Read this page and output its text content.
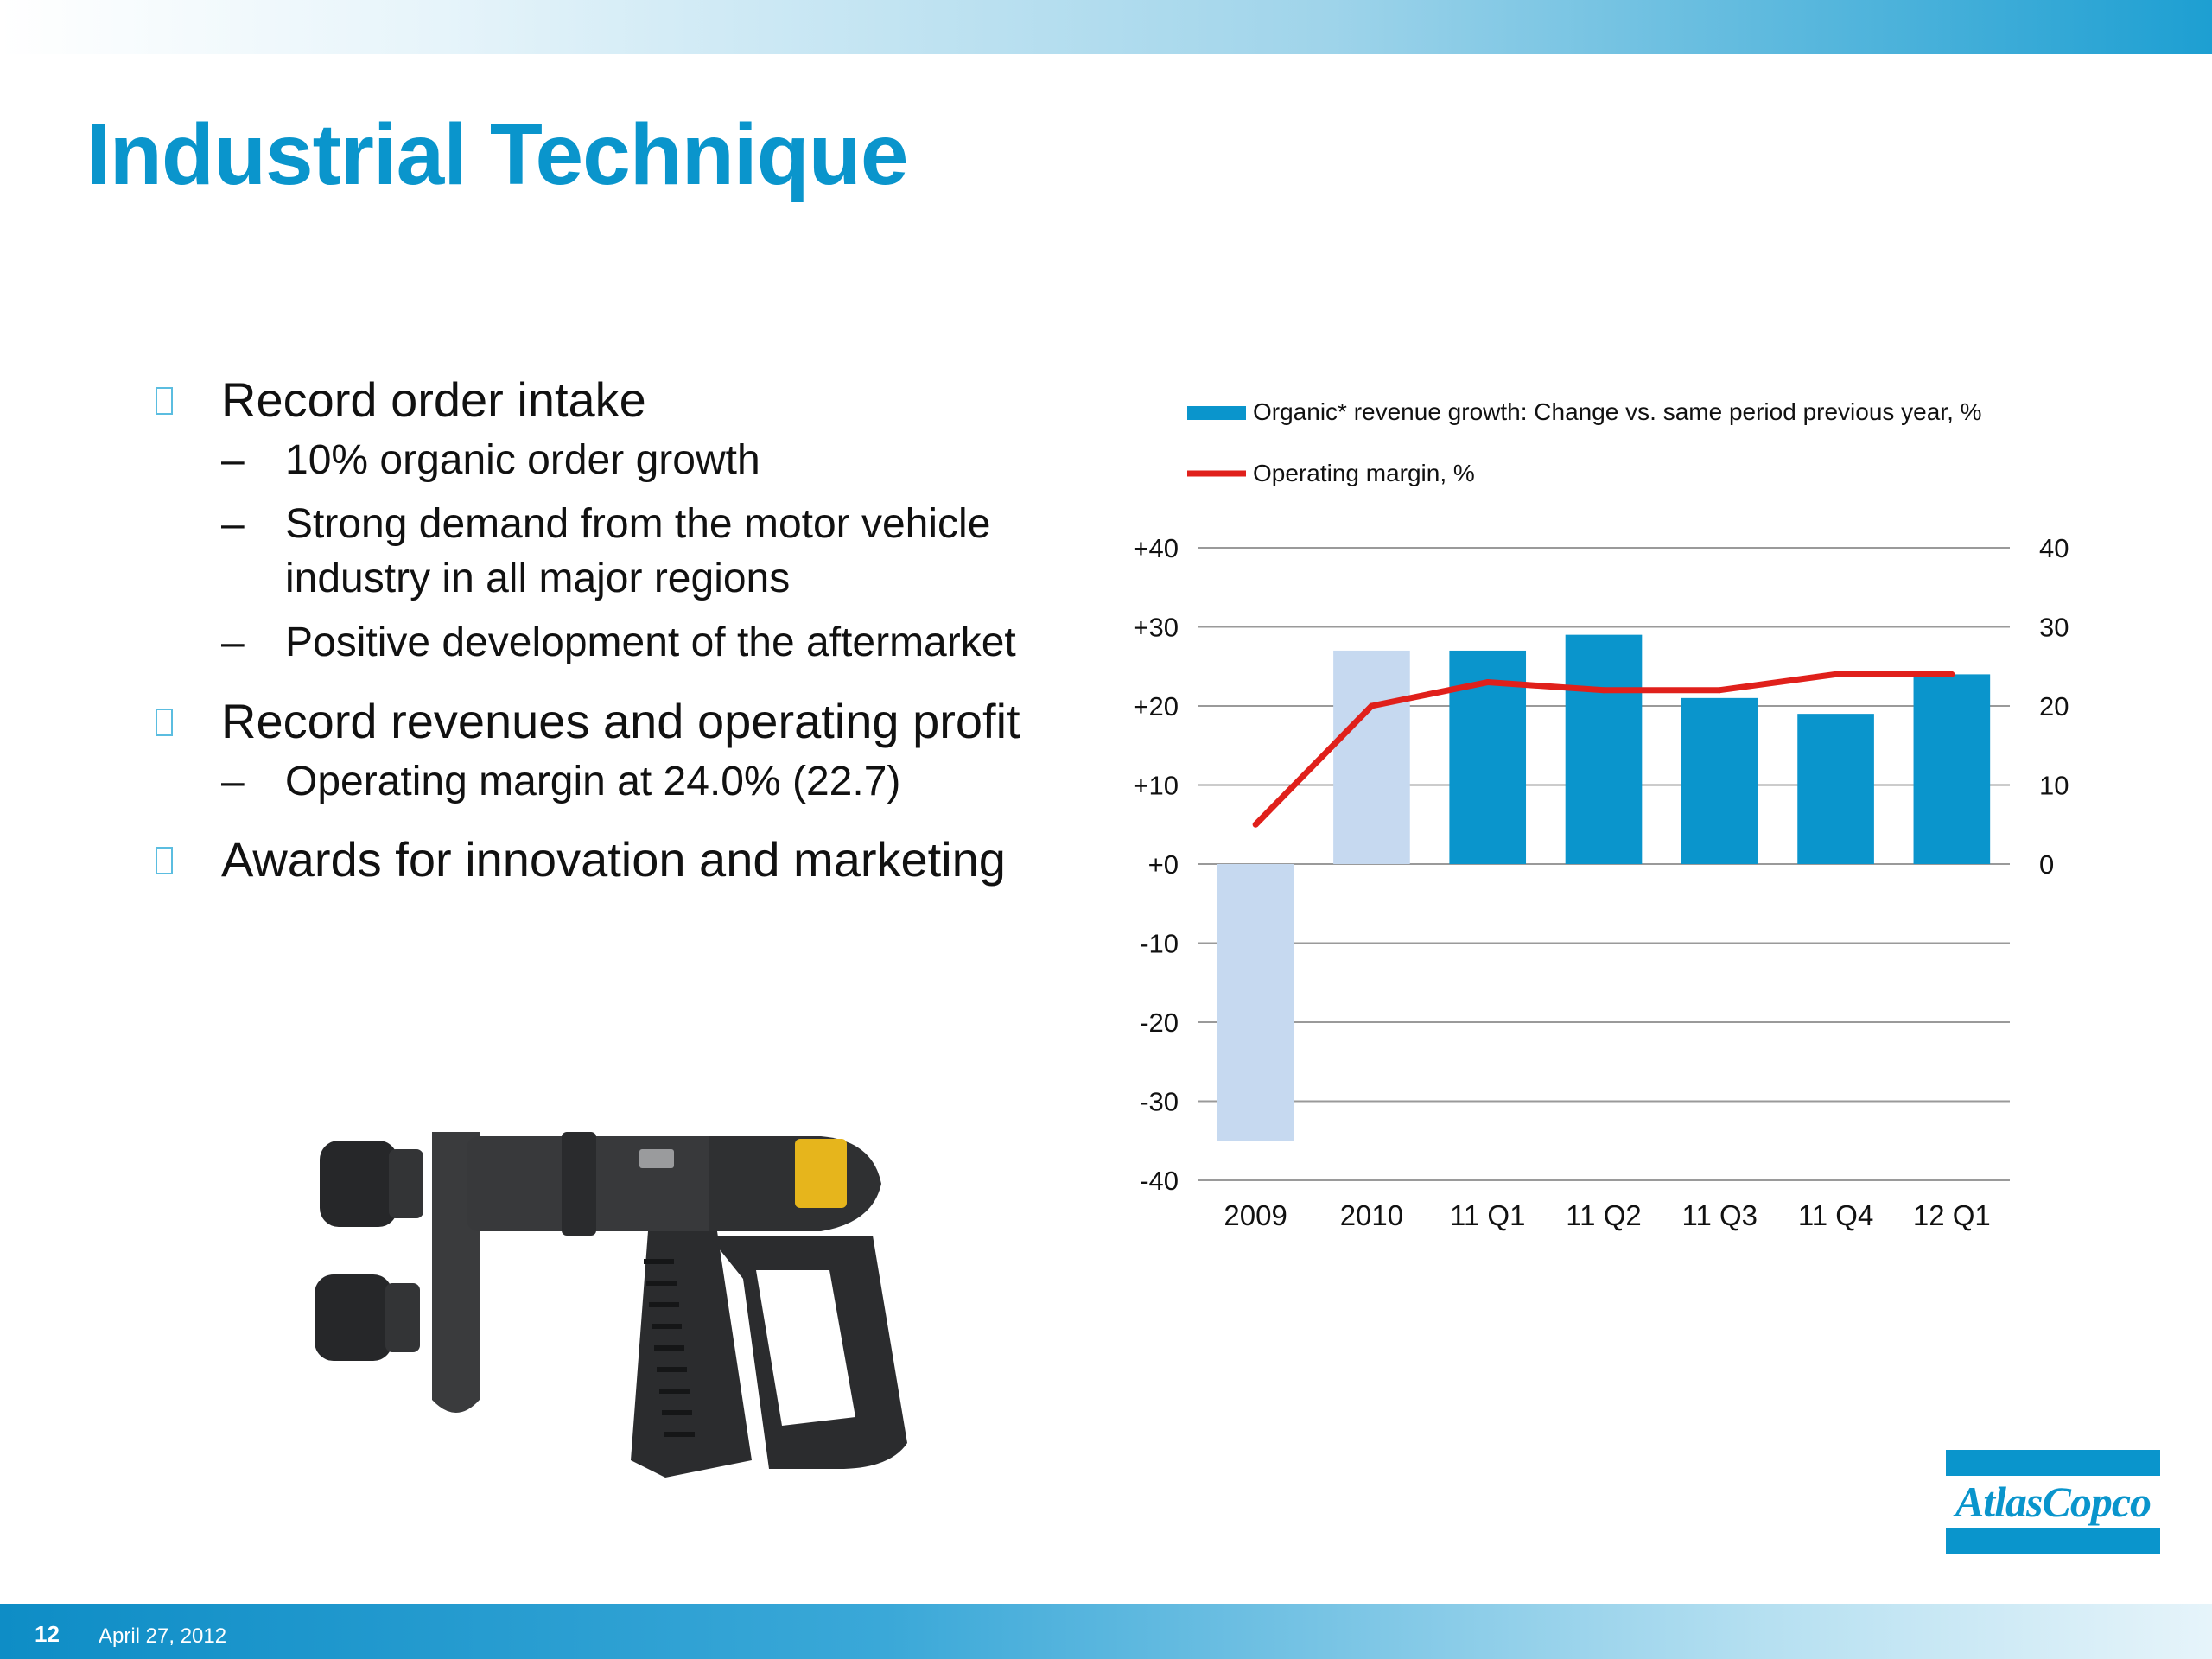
Industrial Technique
Record order intake
– 10% organic order growth
– Strong demand from the motor vehicle industry in all major regions
– Positive development of the aftermarket
Record revenues and operating profit
– Operating margin at 24.0% (22.7)
Awards for innovation and marketing
+40
+30
+20
+10
+0
-10
-20
-30
-40
40
30
20
10
0
2009 2010 11 Q1 11 Q2 11 Q3 11 Q4 12 Q1
Organic* revenue growth: Change vs. same period previous year, %
Operating margin, %
AtlasCopco
12 April 27, 2012
